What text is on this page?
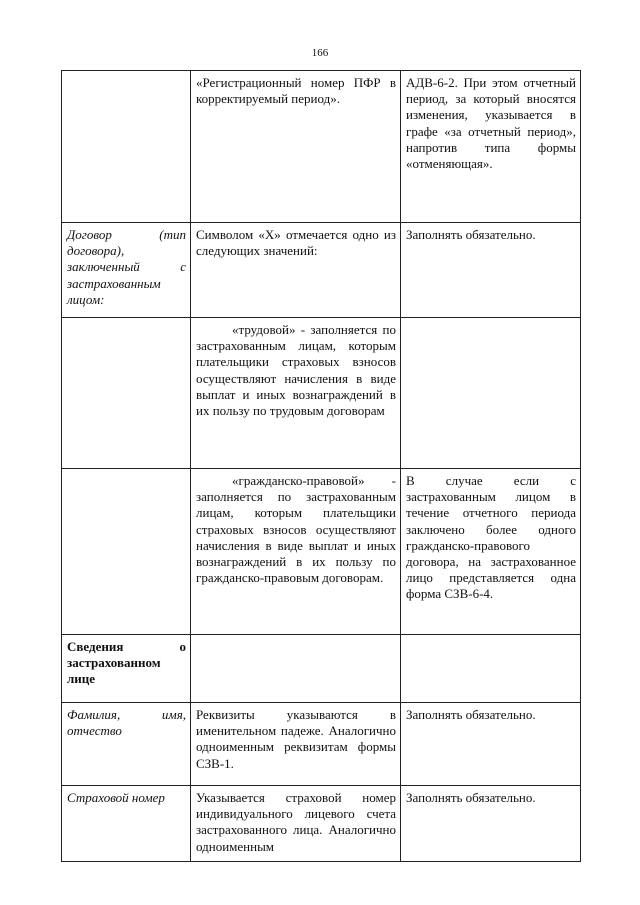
166
	«Регистрационный номер ПФР в корректируемый период».	АДВ-6-2. При этом отчетный период, за который вносятся изменения, указывается в графе «за отчетный период», напротив типа формы «отменяющая».
Договор (тип договора), заключенный с застрахованным лицом:	Символом «X» отмечается одно из следующих значений:	Заполнять обязательно.
	«трудовой» - заполняется по застрахованным лицам, которым плательщики страховых взносов осуществляют начисления в виде выплат и иных вознаграждений в их пользу по трудовым договорам	
	«гражданско-правовой» - заполняется по застрахованным лицам, которым плательщики страховых взносов осуществляют начисления в виде выплат и иных вознаграждений в их пользу по гражданско-правовым договорам.	В случае если с застрахованным лицом в течение отчетного периода заключено более одного гражданско-правового договора, на застрахованное лицо представляется одна форма СЗВ-6-4.
Сведения о застрахованном лице		
Фамилия, имя, отчество	Реквизиты указываются в именительном падеже. Аналогично одноименным реквизитам формы СЗВ-1.	Заполнять обязательно.
Страховой номер	Указывается страховой номер индивидуального лицевого счета застрахованного лица. Аналогично одноименным	Заполнять обязательно.
